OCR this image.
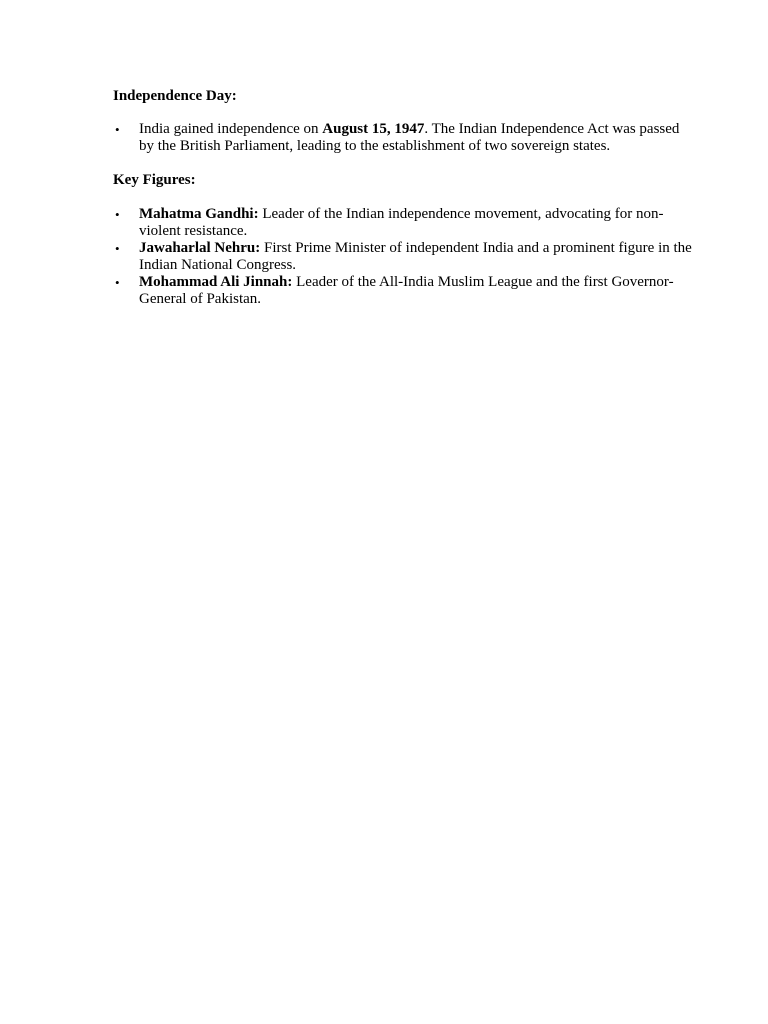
Independence Day:

• India gained independence on August 15, 1947. The Indian Independence Act was passed by the British Parliament, leading to the establishment of two sovereign states.

Key Figures:

• Mahatma Gandhi: Leader of the Indian independence movement, advocating for non-violent resistance.
• Jawaharlal Nehru: First Prime Minister of independent India and a prominent figure in the Indian National Congress.
• Mohammad Ali Jinnah: Leader of the All-India Muslim League and the first Governor-General of Pakistan.
